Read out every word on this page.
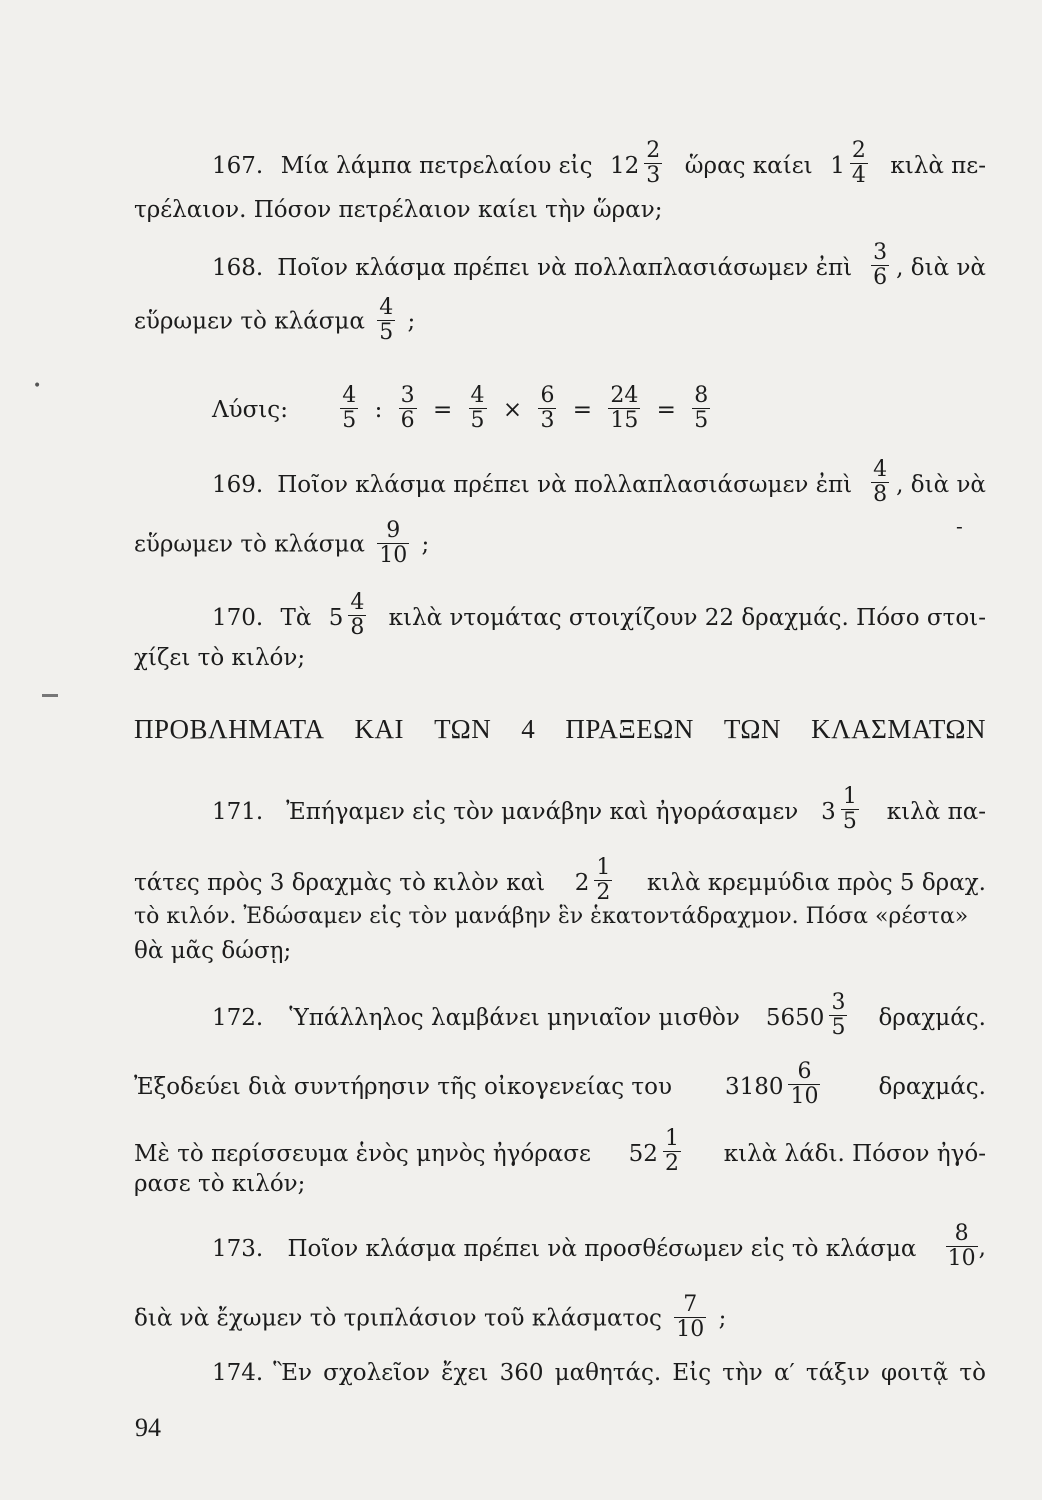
167. Μία λάμπα πετρελαίου εἰς $12 \frac{2}{3}$ ὥρας καίει $1 \frac{2}{4}$ κιλὰ πε-
τρέλαιον. Πόσον πετρέλαιον καίει τὴν ὥραν;
168. Ποῖον κλάσμα πρέπει νὰ πολλαπλασιάσωμεν ἐπὶ $\frac{3}{6}$ , διὰ νὰ
εὕρωμεν τὸ κλάσμα $\frac{4}{5}$ ;
Λύσις: $\frac{4}{5}$ : $\frac{3}{6} = \frac{4}{5} \times \frac{6}{3} = \frac{24}{15} = \frac{8}{5}$
169. Ποῖον κλάσμα πρέπει νὰ πολλαπλασιάσωμεν ἐπὶ $\frac{4}{8}$ , διὰ νὰ
εὕρωμεν τὸ κλάσμα $\frac{9}{10}$ ;
-
170. Τὰ $5 \frac{4}{8}$ κιλὰ ντομάτας στοιχίζουν 22 δραχμάς. Πόσο στοι-
χίζει τὸ κιλόν;
ΠΡΟΒΛΗΜΑΤΑ ΚΑΙ ΤΩΝ 4 ΠΡΑΞΕΩΝ ΤΩΝ ΚΛΑΣΜΑΤΩΝ
171. Ἐπήγαμεν εἰς τὸν μανάβην καὶ ἠγοράσαμεν $3 \frac{1}{5}$ κιλὰ πα-
τάτες πρὸς 3 δραχμὰς τὸ κιλὸν καὶ $2 \frac{1}{2}$ κιλὰ κρεμμύδια πρὸς 5 δραχ.
τὸ κιλόν. Ἐδώσαμεν εἰς τὸν μανάβην ἓν ἑκατοντάδραχμον. Πόσα «ρέστα»
θὰ μᾶς δώσῃ;
172. Ὑπάλληλος λαμβάνει μηνιαῖον μισθὸν $5650 \frac{3}{5} \delta\rho\alpha\chi\mu ά\varsigma$.
Ἐξοδεύει διὰ συντήρησιν τῆς οἰκογενείας του $3180 \frac{6}{10}$	δραχμάς.
Μὲ τὸ περίσσευμα ἑνὸς μηνὸς ἠγόρασε $52 \frac{1}{2}$ κιλὰ λάδι. Πόσον ἠγό-
ρασε τὸ κιλόν;
173. Ποῖον κλάσμα πρέπει νὰ προσθέσωμεν εἰς τὸ κλάσμα $\frac{8}{10}$ ,
διὰ νὰ ἔχωμεν τὸ τριπλάσιον τοῦ κλάσματος $\frac{7}{10}$ ;
174. Ἓν σχολεῖον ἔχει 360 μαθητάς. Εἰς τὴν α′ τάξιν φοιτᾷ τὸ
94
•
